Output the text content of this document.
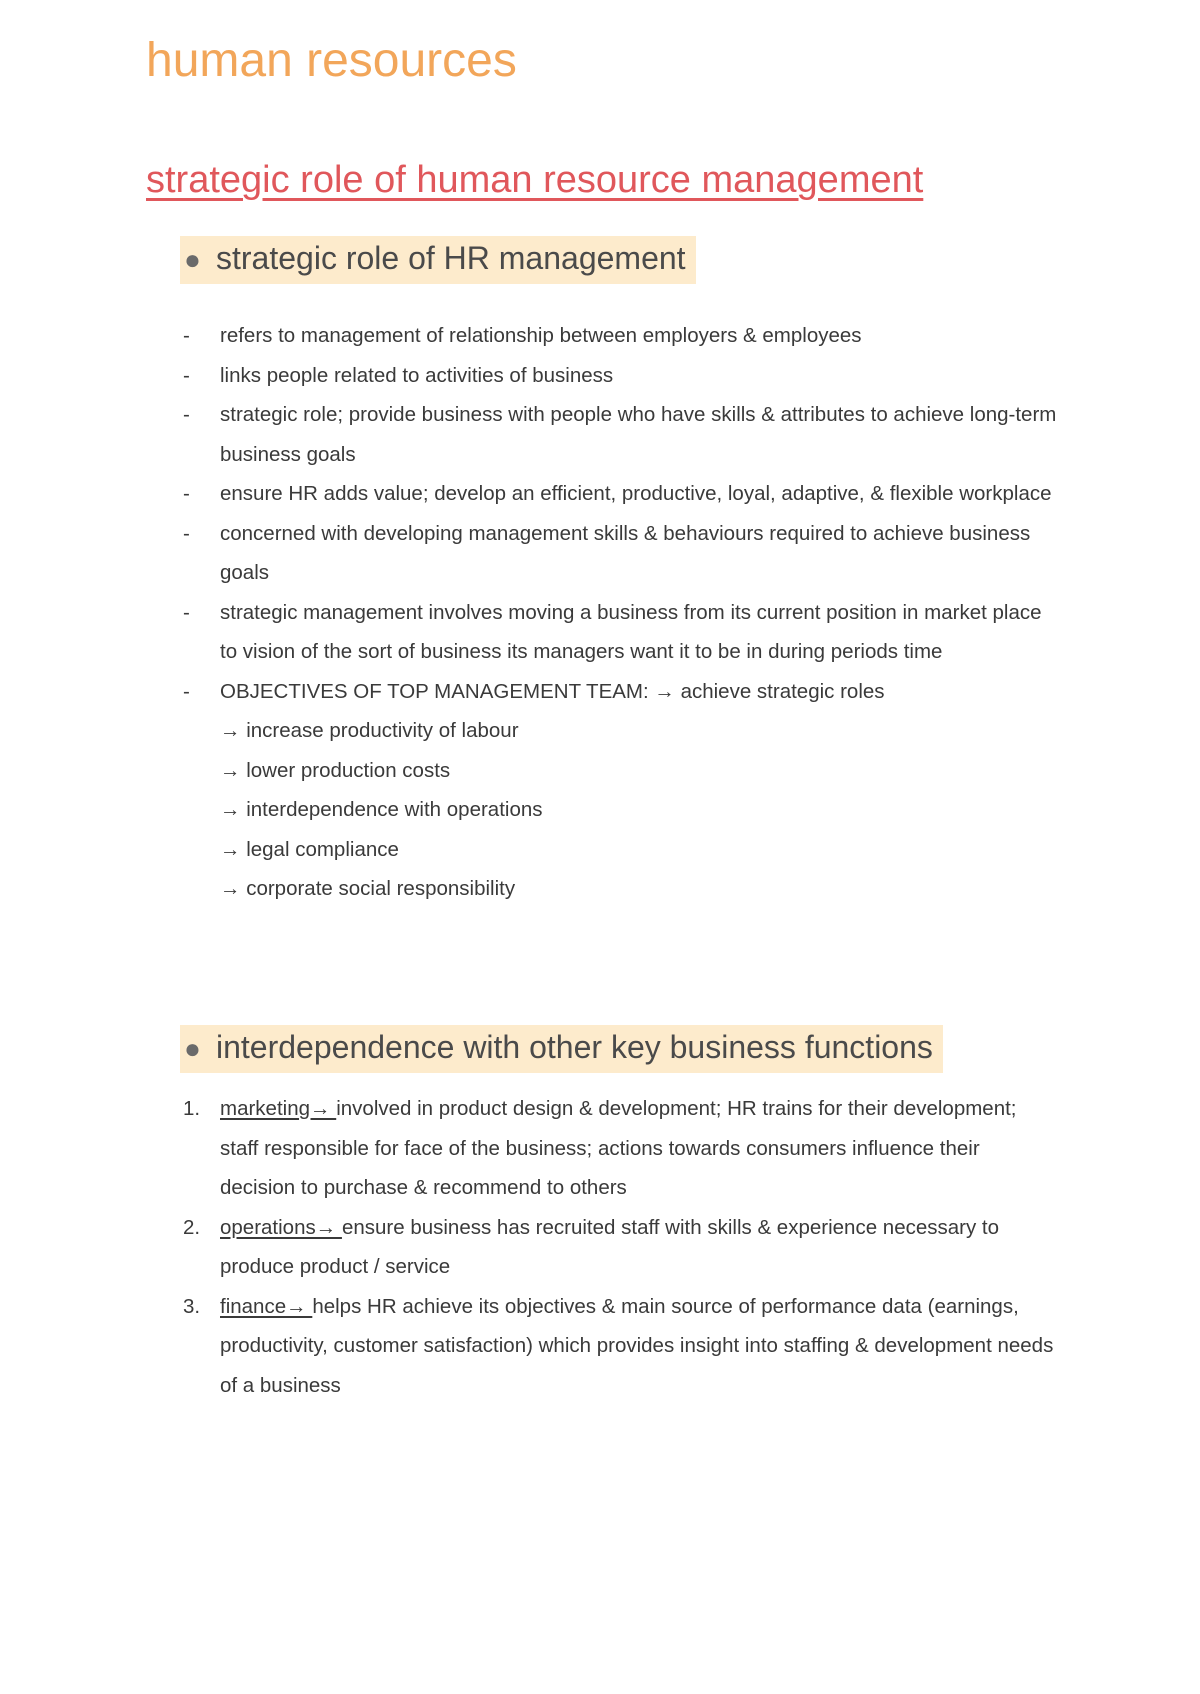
human resources
strategic role of human resource management
● strategic role of HR management
- refers to management of relationship between employers & employees
- links people related to activities of business
- strategic role; provide business with people who have skills & attributes to achieve long-term business goals
- ensure HR adds value; develop an efficient, productive, loyal, adaptive, & flexible workplace
- concerned with developing management skills & behaviours required to achieve business goals
- strategic management involves moving a business from its current position in market place to vision of the sort of business its managers want it to be in during periods time
- OBJECTIVES OF TOP MANAGEMENT TEAM: → achieve strategic roles
→ increase productivity of labour
→ lower production costs
→ interdependence with operations
→ legal compliance
→ corporate social responsibility
● interdependence with other key business functions
1. marketing→ involved in product design & development; HR trains for their development; staff responsible for face of the business; actions towards consumers influence their decision to purchase & recommend to others
2. operations→ ensure business has recruited staff with skills & experience necessary to produce product / service
3. finance→ helps HR achieve its objectives & main source of performance data (earnings, productivity, customer satisfaction) which provides insight into staffing & development needs of a business
